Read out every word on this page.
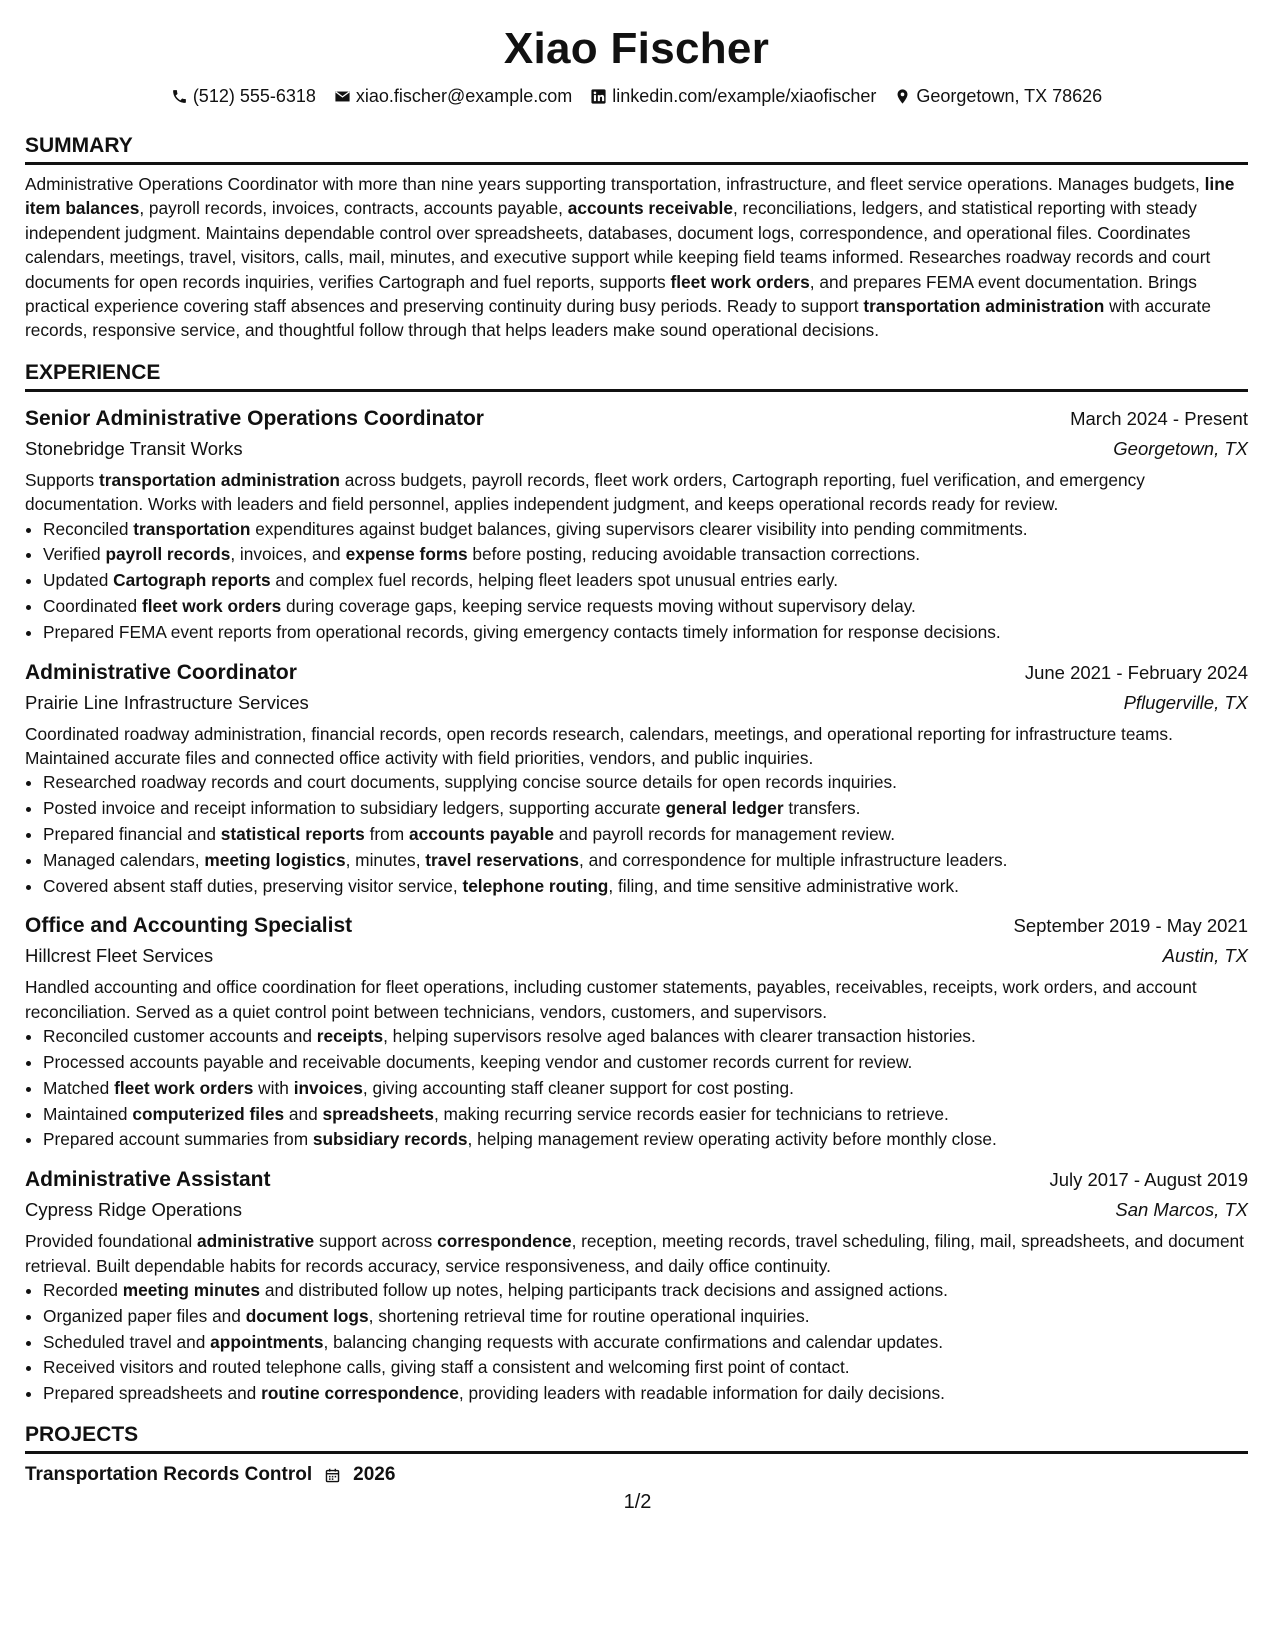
Xiao Fischer
(512) 555-6318 xiao.fischer@example.com linkedin.com/example/xiaofischer Georgetown, TX 78626
SUMMARY
Administrative Operations Coordinator with more than nine years supporting transportation, infrastructure, and fleet service operations. Manages budgets, line item balances, payroll records, invoices, contracts, accounts payable, accounts receivable, reconciliations, ledgers, and statistical reporting with steady independent judgment. Maintains dependable control over spreadsheets, databases, document logs, correspondence, and operational files. Coordinates calendars, meetings, travel, visitors, calls, mail, minutes, and executive support while keeping field teams informed. Researches roadway records and court documents for open records inquiries, verifies Cartograph and fuel reports, supports fleet work orders, and prepares FEMA event documentation. Brings practical experience covering staff absences and preserving continuity during busy periods. Ready to support transportation administration with accurate records, responsive service, and thoughtful follow through that helps leaders make sound operational decisions.
EXPERIENCE
Senior Administrative Operations Coordinator	March 2024 - Present
Stonebridge Transit Works	Georgetown, TX
Supports transportation administration across budgets, payroll records, fleet work orders, Cartograph reporting, fuel verification, and emergency documentation. Works with leaders and field personnel, applies independent judgment, and keeps operational records ready for review.
• Reconciled transportation expenditures against budget balances, giving supervisors clearer visibility into pending commitments.
• Verified payroll records, invoices, and expense forms before posting, reducing avoidable transaction corrections.
• Updated Cartograph reports and complex fuel records, helping fleet leaders spot unusual entries early.
• Coordinated fleet work orders during coverage gaps, keeping service requests moving without supervisory delay.
• Prepared FEMA event reports from operational records, giving emergency contacts timely information for response decisions.
Administrative Coordinator	June 2021 - February 2024
Prairie Line Infrastructure Services	Pflugerville, TX
Coordinated roadway administration, financial records, open records research, calendars, meetings, and operational reporting for infrastructure teams. Maintained accurate files and connected office activity with field priorities, vendors, and public inquiries.
• Researched roadway records and court documents, supplying concise source details for open records inquiries.
• Posted invoice and receipt information to subsidiary ledgers, supporting accurate general ledger transfers.
• Prepared financial and statistical reports from accounts payable and payroll records for management review.
• Managed calendars, meeting logistics, minutes, travel reservations, and correspondence for multiple infrastructure leaders.
• Covered absent staff duties, preserving visitor service, telephone routing, filing, and time sensitive administrative work.
Office and Accounting Specialist	September 2019 - May 2021
Hillcrest Fleet Services	Austin, TX
Handled accounting and office coordination for fleet operations, including customer statements, payables, receivables, receipts, work orders, and account reconciliation. Served as a quiet control point between technicians, vendors, customers, and supervisors.
• Reconciled customer accounts and receipts, helping supervisors resolve aged balances with clearer transaction histories.
• Processed accounts payable and receivable documents, keeping vendor and customer records current for review.
• Matched fleet work orders with invoices, giving accounting staff cleaner support for cost posting.
• Maintained computerized files and spreadsheets, making recurring service records easier for technicians to retrieve.
• Prepared account summaries from subsidiary records, helping management review operating activity before monthly close.
Administrative Assistant	July 2017 - August 2019
Cypress Ridge Operations	San Marcos, TX
Provided foundational administrative support across correspondence, reception, meeting records, travel scheduling, filing, mail, spreadsheets, and document retrieval. Built dependable habits for records accuracy, service responsiveness, and daily office continuity.
• Recorded meeting minutes and distributed follow up notes, helping participants track decisions and assigned actions.
• Organized paper files and document logs, shortening retrieval time for routine operational inquiries.
• Scheduled travel and appointments, balancing changing requests with accurate confirmations and calendar updates.
• Received visitors and routed telephone calls, giving staff a consistent and welcoming first point of contact.
• Prepared spreadsheets and routine correspondence, providing leaders with readable information for daily decisions.
PROJECTS
Transportation Records Control 2026
1/2
